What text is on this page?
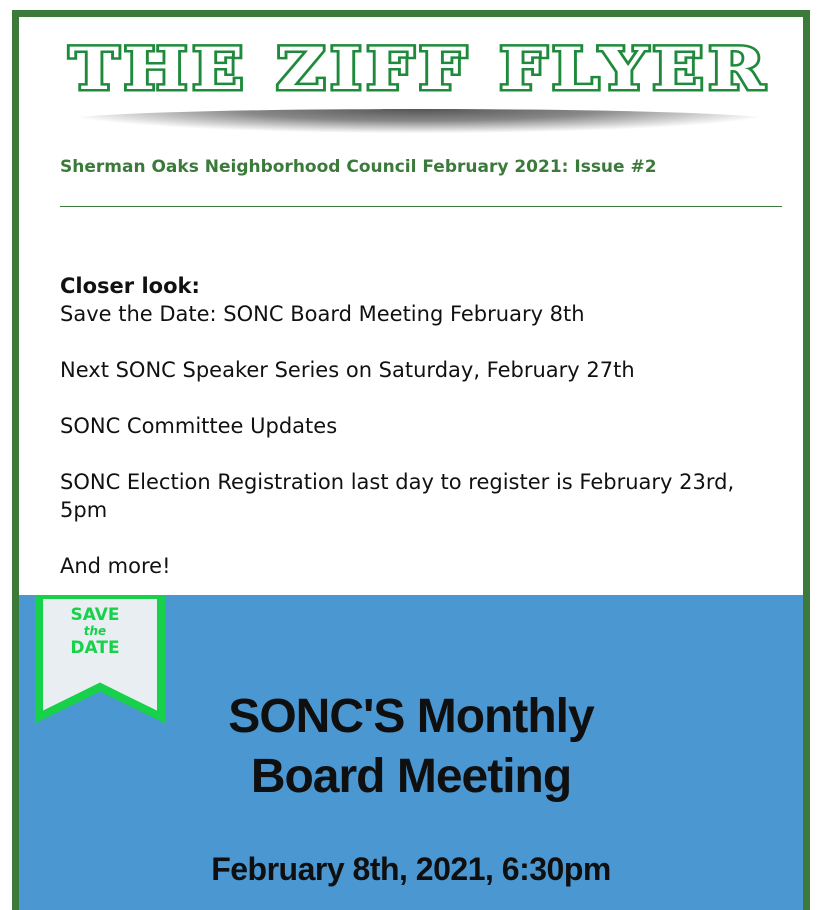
THE ZIFF FLYER
Sherman Oaks Neighborhood Council February 2021: Issue #2

Closer look:

Save the Date: SONC Board Meeting February 8th

Next SONC Speaker Series on Saturday, February 27th

SONC Committee Updates

SONC Election Registration last day to register is February 23rd, 5pm

And more!

SAVE
the
DATE
SONC'S Monthly
Board Meeting
February 8th, 2021, 6:30pm
